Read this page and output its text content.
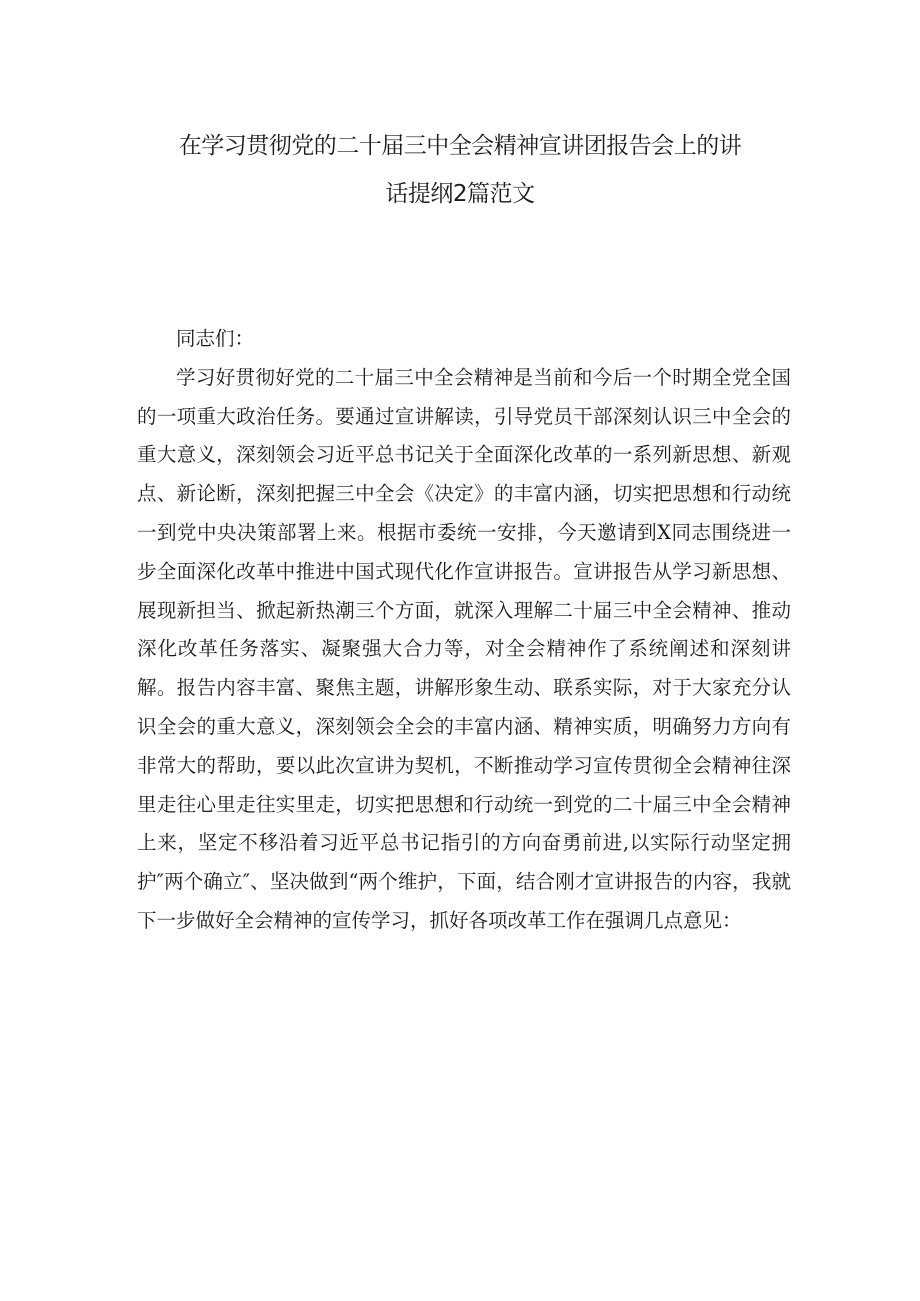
在学习贯彻党的二十届三中全会精神宣讲团报告会上的讲
话提纲2篇范文

同志们：

学习好贯彻好党的二十届三中全会精神是当前和今后一个时期全党全国的一项重大政治任务。要通过宣讲解读，引导党员干部深刻认识三中全会的重大意义，深刻领会习近平总书记关于全面深化改革的一系列新思想、新观点、新论断，深刻把握三中全会《决定》的丰富内涵，切实把思想和行动统一到党中央决策部署上来。根据市委统一安排，今天邀请到X同志围绕进一步全面深化改革中推进中国式现代化作宣讲报告。宣讲报告从学习新思想、展现新担当、掀起新热潮三个方面，就深入理解二十届三中全会精神、推动深化改革任务落实、凝聚强大合力等，对全会精神作了系统阐述和深刻讲解。报告内容丰富、聚焦主题，讲解形象生动、联系实际，对于大家充分认识全会的重大意义，深刻领会全会的丰富内涵、精神实质，明确努力方向有非常大的帮助，要以此次宣讲为契机，不断推动学习宣传贯彻全会精神往深里走往心里走往实里走，切实把思想和行动统一到党的二十届三中全会精神上来，坚定不移沿着习近平总书记指引的方向奋勇前进,以实际行动坚定拥护″两个确立″、坚决做到“两个维护，下面，结合刚才宣讲报告的内容，我就下一步做好全会精神的宣传学习，抓好各项改革工作在强调几点意见：
